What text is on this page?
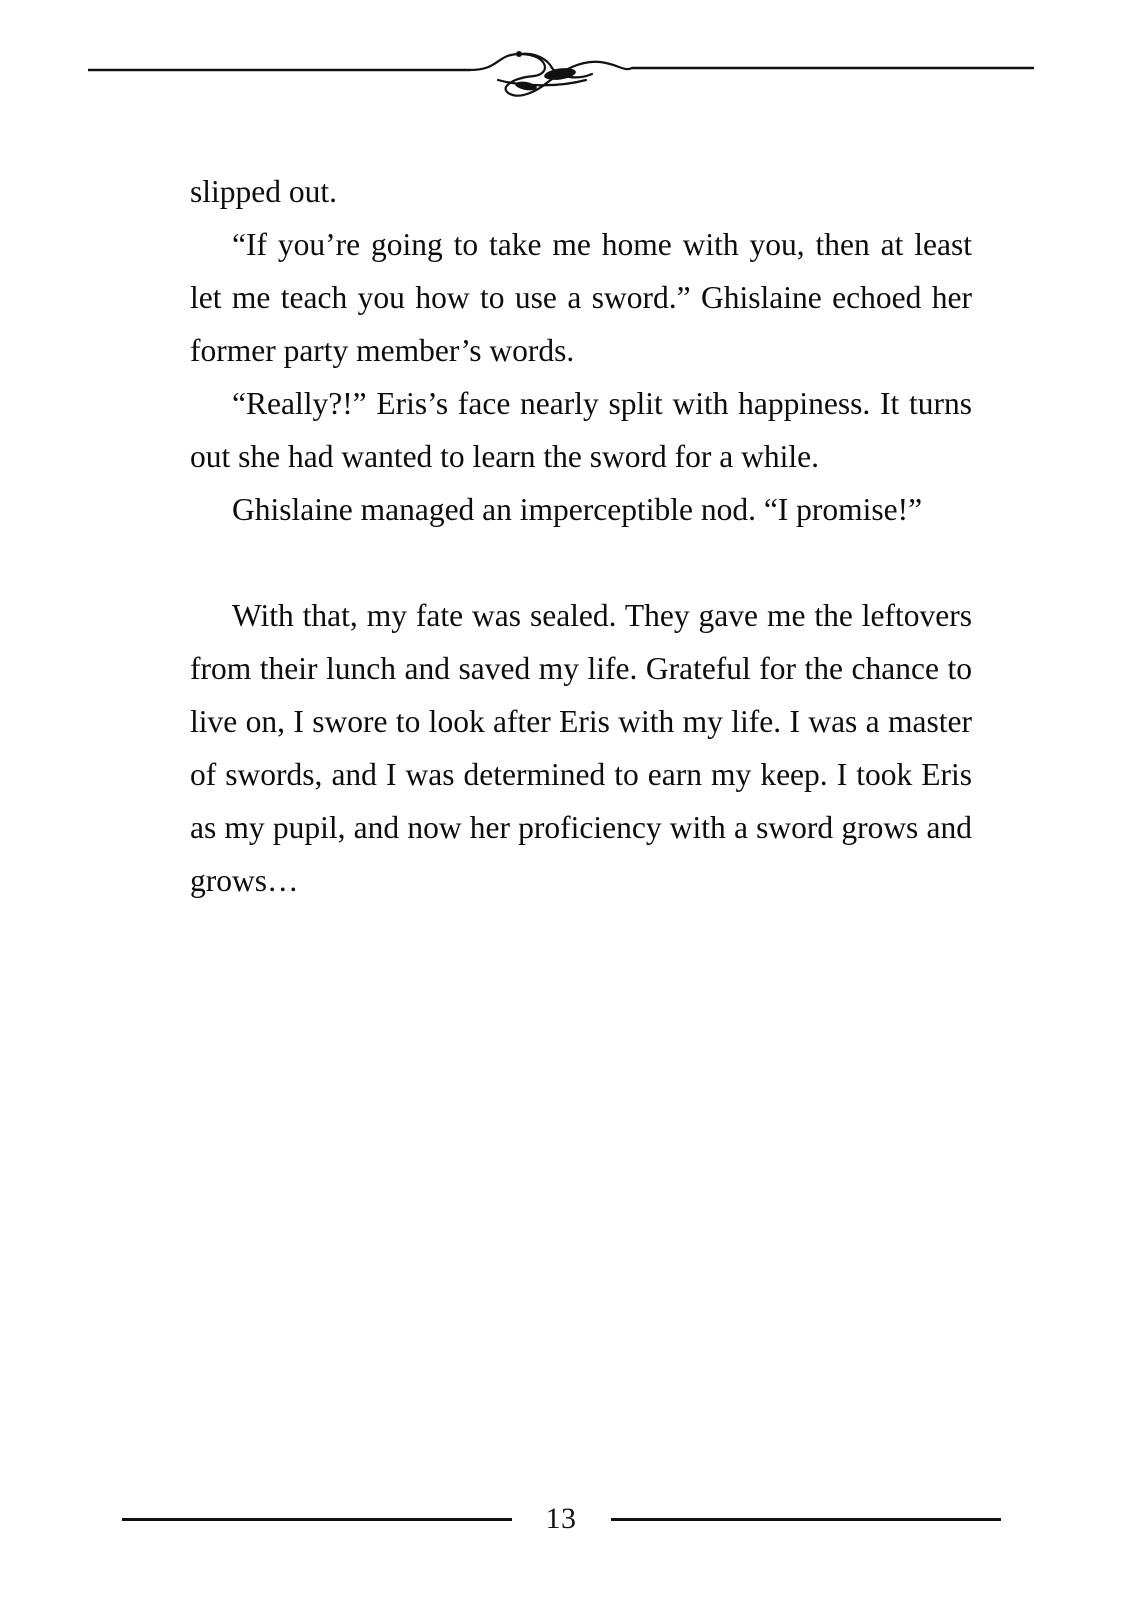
slipped out.

“If you’re going to take me home with you, then at least let me teach you how to use a sword.” Ghislaine echoed her former party member’s words.

“Really?!” Eris’s face nearly split with happiness. It turns out she had wanted to learn the sword for a while.

Ghislaine managed an imperceptible nod. “I promise!”

With that, my fate was sealed. They gave me the leftovers from their lunch and saved my life. Grateful for the chance to live on, I swore to look after Eris with my life. I was a master of swords, and I was determined to earn my keep. I took Eris as my pupil, and now her proficiency with a sword grows and grows…

13
